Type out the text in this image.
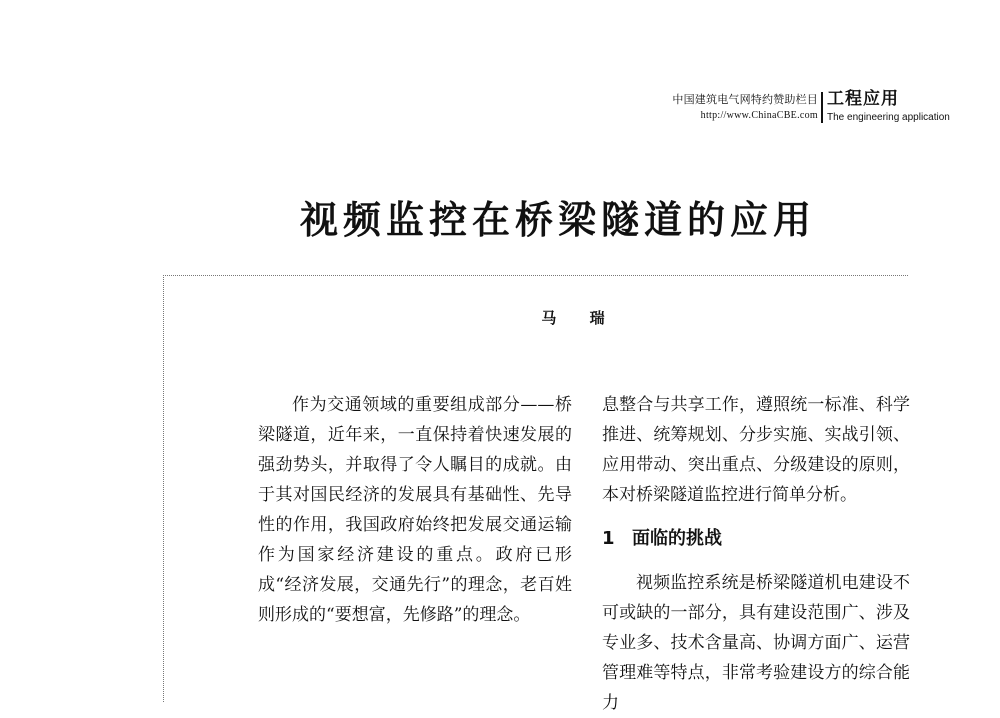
中国建筑电气网特约赞助栏目
http://www.ChinaCBE.com
工程应用
The engineering application
视频监控在桥梁隧道的应用
马 瑞

作为交通领域的重要组成部分——桥梁隧道，近年来，一直保持着快速发展的强劲势头，并取得了令人瞩目的成就。由于其对国民经济的发展具有基础性、先导性的作用，我国政府始终把发展交通运输作为国家经济建设的重点。政府已形成“经济发展，交通先行”的理念，老百姓则形成的“要想富，先修路”的理念。

息整合与共享工作，遵照统一标准、科学推进、统筹规划、分步实施、实战引领、应用带动、突出重点、分级建设的原则，本对桥梁隧道监控进行简单分析。

1 面临的挑战

视频监控系统是桥梁隧道机电建设不可或缺的一部分，具有建设范围广、涉及专业多、技术含量高、协调方面广、运营管理难等特点，非常考验建设方的综合能力
